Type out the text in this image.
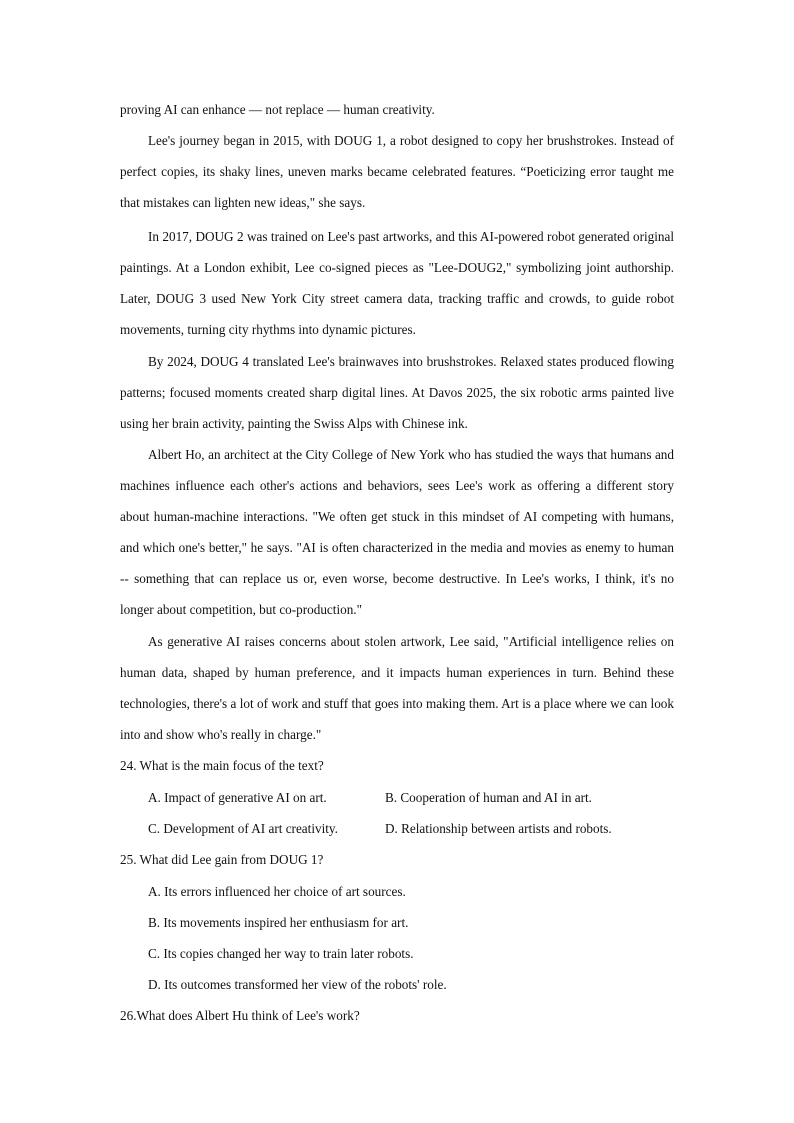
proving AI can enhance — not replace — human creativity.
Lee's journey began in 2015, with DOUG 1, a robot designed to copy her brushstrokes. Instead of perfect copies, its shaky lines, uneven marks became celebrated features. “Poeticizing error taught me that mistakes can lighten new ideas," she says.
In 2017, DOUG 2 was trained on Lee's past artworks, and this AI-powered robot generated original paintings. At a London exhibit, Lee co-signed pieces as "Lee-DOUG2," symbolizing joint authorship. Later, DOUG 3 used New York City street camera data, tracking traffic and crowds, to guide robot movements, turning city rhythms into dynamic pictures.
By 2024, DOUG 4 translated Lee's brainwaves into brushstrokes. Relaxed states produced flowing patterns; focused moments created sharp digital lines. At Davos 2025, the six robotic arms painted live using her brain activity, painting the Swiss Alps with Chinese ink.
Albert Ho, an architect at the City College of New York who has studied the ways that humans and machines influence each other's actions and behaviors, sees Lee's work as offering a different story about human-machine interactions. "We often get stuck in this mindset of AI competing with humans, and which one's better," he says. "AI is often characterized in the media and movies as enemy to human -- something that can replace us or, even worse, become destructive. In Lee's works, I think, it's no longer about competition, but co-production."
As generative AI raises concerns about stolen artwork, Lee said, "Artificial intelligence relies on human data, shaped by human preference, and it impacts human experiences in turn. Behind these technologies, there's a lot of work and stuff that goes into making them. Art is a place where we can look into and show who's really in charge."
24. What is the main focus of the text?
A. Impact of generative AI on art.	B. Cooperation of human and AI in art.
C. Development of AI art creativity.	D. Relationship between artists and robots.
25. What did Lee gain from DOUG 1?
A. Its errors influenced her choice of art sources.
B. Its movements inspired her enthusiasm for art.
C. Its copies changed her way to train later robots.
D. Its outcomes transformed her view of the robots' role.
26.What does Albert Hu think of Lee's work?
